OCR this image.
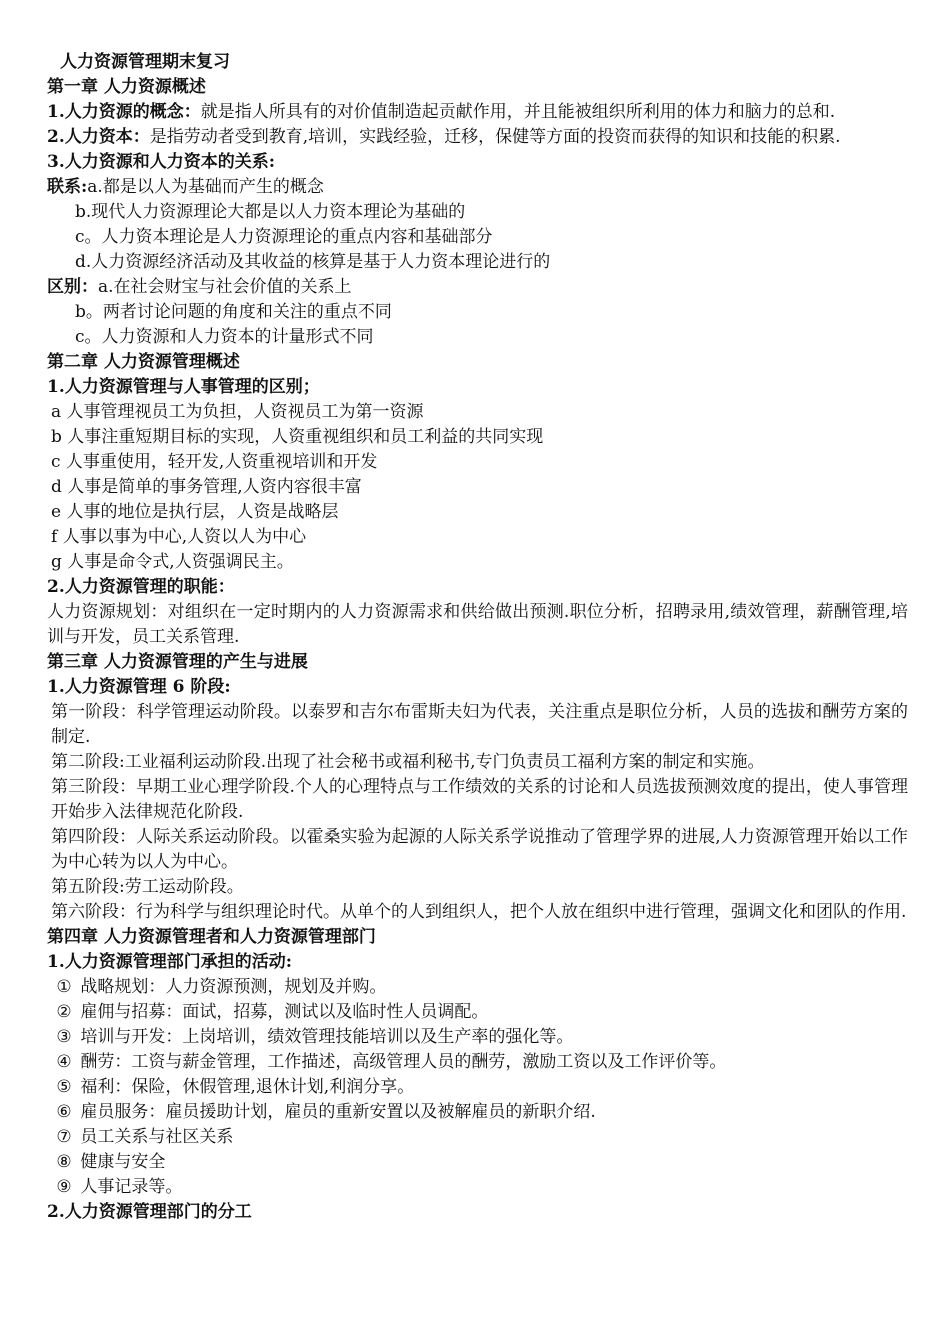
人力资源管理期末复习
第一章 人力资源概述
1.人力资源的概念：就是指人所具有的对价值制造起贡献作用，并且能被组织所利用的体力和脑力的总和.
2.人力资本：是指劳动者受到教育,培训，实践经验，迁移，保健等方面的投资而获得的知识和技能的积累.
3.人力资源和人力资本的关系:
联系:a.都是以人为基础而产生的概念
b.现代人力资源理论大都是以人力资本理论为基础的
c。人力资本理论是人力资源理论的重点内容和基础部分
d.人力资源经济活动及其收益的核算是基于人力资本理论进行的
区别：a.在社会财宝与社会价值的关系上
b。两者讨论问题的角度和关注的重点不同
c。人力资源和人力资本的计量形式不同
第二章 人力资源管理概述
1.人力资源管理与人事管理的区别；
a 人事管理视员工为负担，人资视员工为第一资源
b 人事注重短期目标的实现，人资重视组织和员工利益的共同实现
c 人事重使用，轻开发,人资重视培训和开发
d 人事是简单的事务管理,人资内容很丰富
e 人事的地位是执行层，人资是战略层
f 人事以事为中心,人资以人为中心
g 人事是命令式,人资强调民主。
2.人力资源管理的职能：
人力资源规划：对组织在一定时期内的人力资源需求和供给做出预测.职位分析，招聘录用,绩效管理，薪酬管理,培训与开发，员工关系管理.
第三章 人力资源管理的产生与进展
1.人力资源管理 6 阶段:
第一阶段：科学管理运动阶段。以泰罗和吉尔布雷斯夫妇为代表，关注重点是职位分析，人员的选拔和酬劳方案的制定.
第二阶段:工业福利运动阶段.出现了社会秘书或福利秘书,专门负责员工福利方案的制定和实施。
第三阶段：早期工业心理学阶段.个人的心理特点与工作绩效的关系的讨论和人员选拔预测效度的提出，使人事管理开始步入法律规范化阶段.
第四阶段：人际关系运动阶段。以霍桑实验为起源的人际关系学说推动了管理学界的进展,人力资源管理开始以工作为中心转为以人为中心。
第五阶段:劳工运动阶段。
第六阶段：行为科学与组织理论时代。从单个的人到组织人，把个人放在组织中进行管理，强调文化和团队的作用.
第四章 人力资源管理者和人力资源管理部门
1.人力资源管理部门承担的活动:
① 战略规划：人力资源预测，规划及并购。
② 雇佣与招募：面试，招募，测试以及临时性人员调配。
③ 培训与开发：上岗培训，绩效管理技能培训以及生产率的强化等。
④ 酬劳：工资与薪金管理，工作描述，高级管理人员的酬劳，激励工资以及工作评价等。
⑤ 福利：保险，休假管理,退休计划,利润分享。
⑥ 雇员服务：雇员援助计划，雇员的重新安置以及被解雇员的新职介绍.
⑦ 员工关系与社区关系
⑧ 健康与安全
⑨ 人事记录等。
2.人力资源管理部门的分工
